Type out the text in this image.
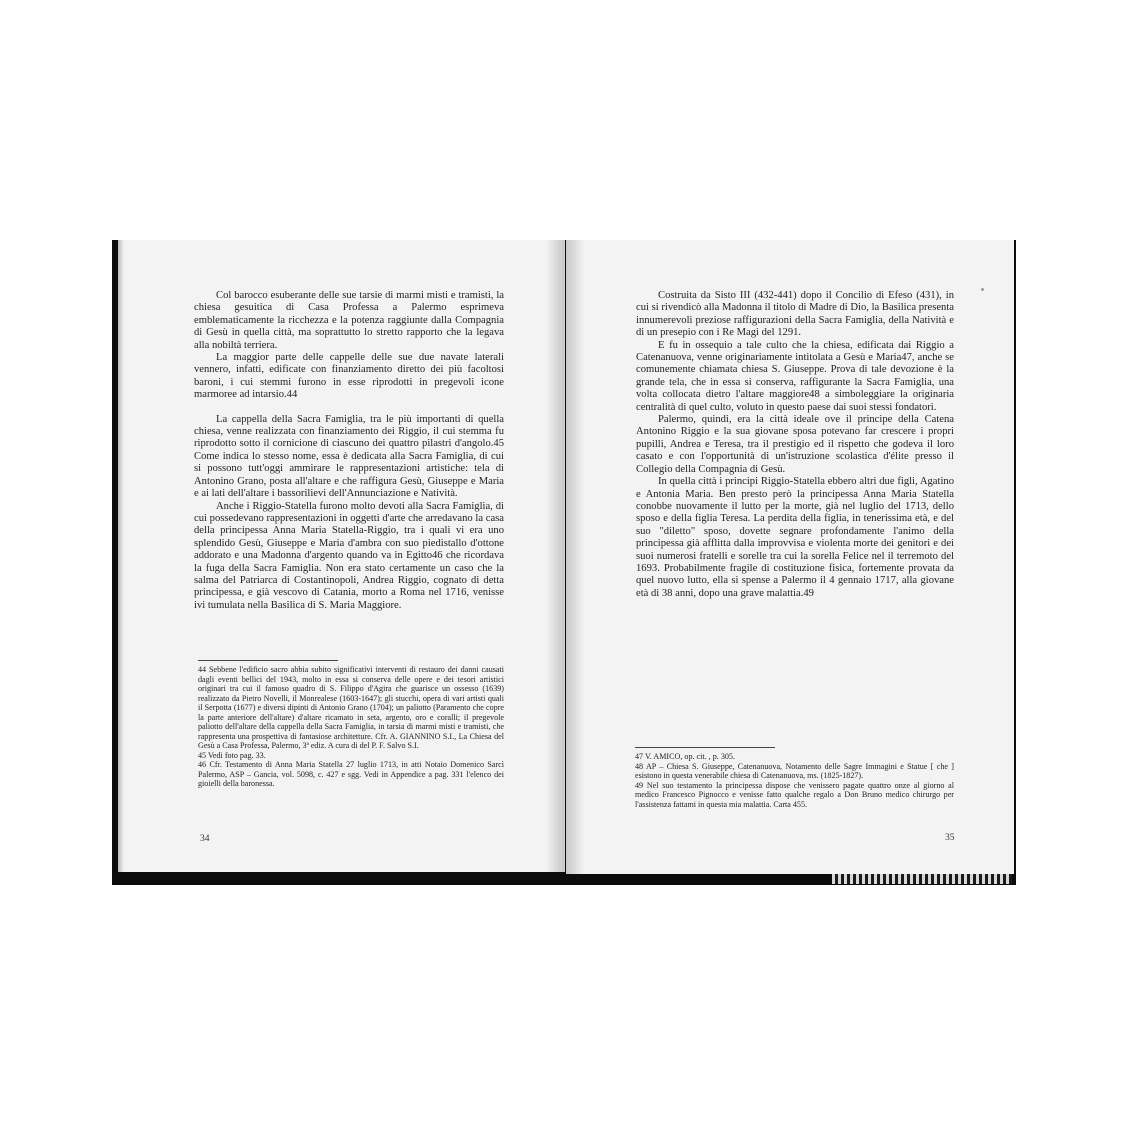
Col barocco esuberante delle sue tarsie di marmi misti e tramisti, la chiesa gesuitica di Casa Professa a Palermo esprimeva emblematicamente la ricchezza e la potenza raggiunte dalla Compagnia di Gesù in quella città, ma soprattutto lo stretto rapporto che la legava alla nobiltà terriera.

La maggior parte delle cappelle delle sue due navate laterali vennero, infatti, edificate con finanziamento diretto dei più facoltosi baroni, i cui stemmi furono in esse riprodotti in pregevoli icone marmoree ad intarsio.44

La cappella della Sacra Famiglia, tra le più importanti di quella chiesa, venne realizzata con finanziamento dei Riggio, il cui stemma fu riprodotto sotto il cornicione di ciascuno dei quattro pilastri d'angolo.45 Come indica lo stesso nome, essa è dedicata alla Sacra Famiglia, di cui si possono tutt'oggi ammirare le rappresentazioni artistiche: tela di Antonino Grano, posta all'altare e che raffigura Gesù, Giuseppe e Maria e ai lati dell'altare i bassorilievi dell'Annunciazione e Natività.

Anche i Riggio-Statella furono molto devoti alla Sacra Famiglia, di cui possedevano rappresentazioni in oggetti d'arte che arredavano la casa della principessa Anna Maria Statella-Riggio, tra i quali vi era uno splendido Gesù, Giuseppe e Maria d'ambra con suo piedistallo d'ottone addorato e una Madonna d'argento quando va in Egitto46 che ricordava la fuga della Sacra Famiglia. Non era stato certamente un caso che la salma del Patriarca di Costantinopoli, Andrea Riggio, cognato di detta principessa, e già vescovo di Catania, morto a Roma nel 1716, venisse ivi tumulata nella Basilica di S. Maria Maggiore.

44 Sebbene l'edificio sacro abbia subito significativi interventi di restauro dei danni causati dagli eventi bellici del 1943, molto in essa si conserva delle opere e dei tesori artistici originari tra cui il famoso quadro di S. Filippo d'Agira che guarisce un ossesso (1639) realizzato da Pietro Novelli, il Monrealese (1603-1647); gli stucchi, opera di vari artisti quali il Serpotta (1677) e diversi dipinti di Antonio Grano (1704); un paliotto (Paramento che copre la parte anteriore dell'altare) d'altare ricamato in seta, argento, oro e coralli; il pregevole paliotto dell'altare della cappella della Sacra Famiglia, in tarsia di marmi misti e tramisti, che rappresenta una prospettiva di fantasiose architetture. Cfr. A. GIANNINO S.I., La Chiesa del Gesù a Casa Professa, Palermo, 3ª ediz. A cura di del P. F. Salvo S.I.

45 Vedi foto pag. 33.

46 Cfr. Testamento di Anna Maria Statella 27 luglio 1713, in atti Notaio Domenico Sarcì Palermo, ASP – Gancia, vol. 5098, c. 427 e sgg. Vedi in Appendice a pag. 331 l'elenco dei gioielli della baronessa.

34

Costruita da Sisto III (432-441) dopo il Concilio di Efeso (431), in cui si rivendicò alla Madonna il titolo di Madre di Dio, la Basilica presenta innumerevoli preziose raffigurazioni della Sacra Famiglia, della Natività e di un presepio con i Re Magi del 1291.

E fu in ossequio a tale culto che la chiesa, edificata dai Riggio a Catenanuova, venne originariamente intitolata a Gesù e Maria47, anche se comunemente chiamata chiesa S. Giuseppe. Prova di tale devozione è la grande tela, che in essa si conserva, raffigurante la Sacra Famiglia, una volta collocata dietro l'altare maggiore48 a simboleggiare la originaria centralità di quel culto, voluto in questo paese dai suoi stessi fondatori.

Palermo, quindi, era la città ideale ove il principe della Catena Antonino Riggio e la sua giovane sposa potevano far crescere i propri pupilli, Andrea e Teresa, tra il prestigio ed il rispetto che godeva il loro casato e con l'opportunità di un'istruzione scolastica d'élite presso il Collegio della Compagnia di Gesù.

In quella città i principi Riggio-Statella ebbero altri due figli, Agatino e Antonia Maria. Ben presto però la principessa Anna Maria Statella conobbe nuovamente il lutto per la morte, già nel luglio del 1713, dello sposo e della figlia Teresa. La perdita della figlia, in tenerissima età, e del suo "diletto" sposo, dovette segnare profondamente l'animo della principessa già afflitta dalla improvvisa e violenta morte dei genitori e dei suoi numerosi fratelli e sorelle tra cui la sorella Felice nel il terremoto del 1693. Probabilmente fragile di costituzione fisica, fortemente provata da quel nuovo lutto, ella si spense a Palermo il 4 gennaio 1717, alla giovane età di 38 anni, dopo una grave malattia.49

47 V. AMICO, op. cit. , p. 305.

48 AP – Chiesa S. Giuseppe, Catenanuova, Notamento delle Sagre Immagini e Statue [ che ] esistono in questa venerabile chiesa di Catenanuova, ms. (1825-1827).

49 Nel suo testamento la principessa dispose che venissero pagate quattro onze al giorno al medico Francesco Pignocco e venisse fatto qualche regalo a Don Bruno medico chirurgo per l'assistenza fattami in questa mia malattia. Carta 455.

35
